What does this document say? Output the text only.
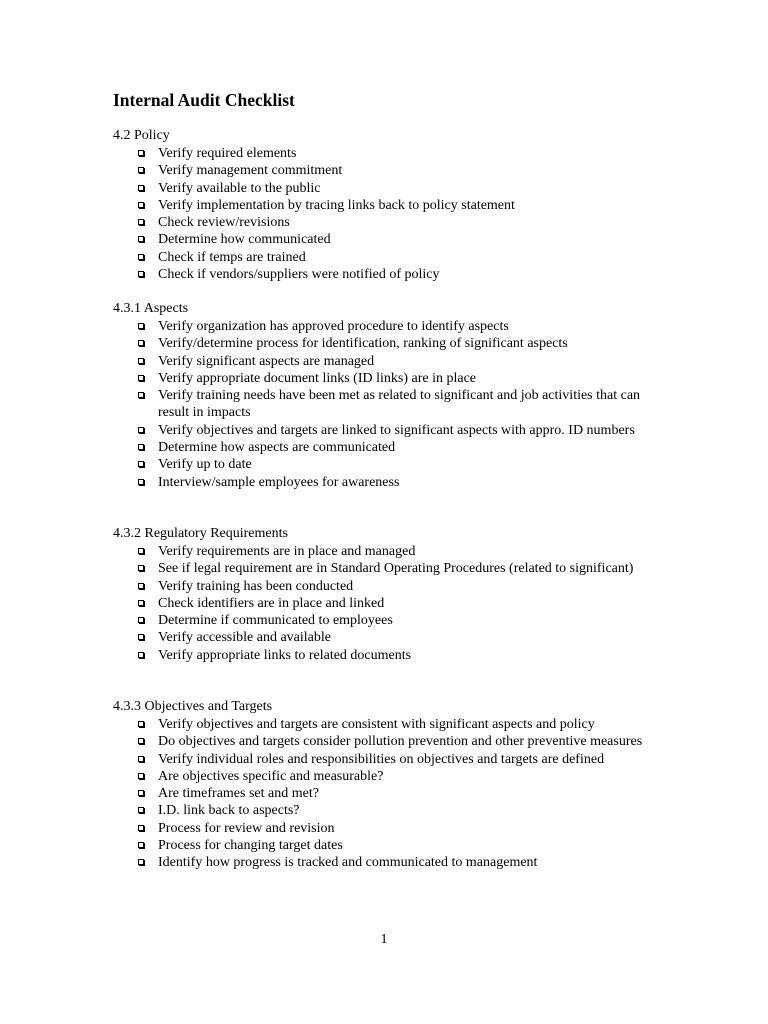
Internal Audit Checklist
4.2 Policy
Verify required elements
Verify management commitment
Verify available to the public
Verify implementation by tracing links back to policy statement
Check review/revisions
Determine how communicated
Check if temps are trained
Check if vendors/suppliers were notified of policy
4.3.1 Aspects
Verify organization has approved procedure to identify aspects
Verify/determine process for identification, ranking of significant aspects
Verify significant aspects are managed
Verify appropriate document links (ID links) are in place
Verify training needs have been met as related to significant and job activities that can result in impacts
Verify objectives and targets are linked to significant aspects with appro. ID numbers
Determine how aspects are communicated
Verify up to date
Interview/sample employees for awareness
4.3.2 Regulatory Requirements
Verify requirements are in place and managed
See if legal requirement are in Standard Operating Procedures (related to significant)
Verify training has been conducted
Check identifiers are in place and linked
Determine if communicated to employees
Verify accessible and available
Verify appropriate links to related documents
4.3.3 Objectives and Targets
Verify objectives and targets are consistent with significant aspects and policy
Do objectives and targets consider pollution prevention and other preventive measures
Verify individual roles and responsibilities on objectives and targets are defined
Are objectives specific and measurable?
Are timeframes set and met?
I.D. link back to aspects?
Process for review and revision
Process for changing target dates
Identify how progress is tracked and communicated to management
1
